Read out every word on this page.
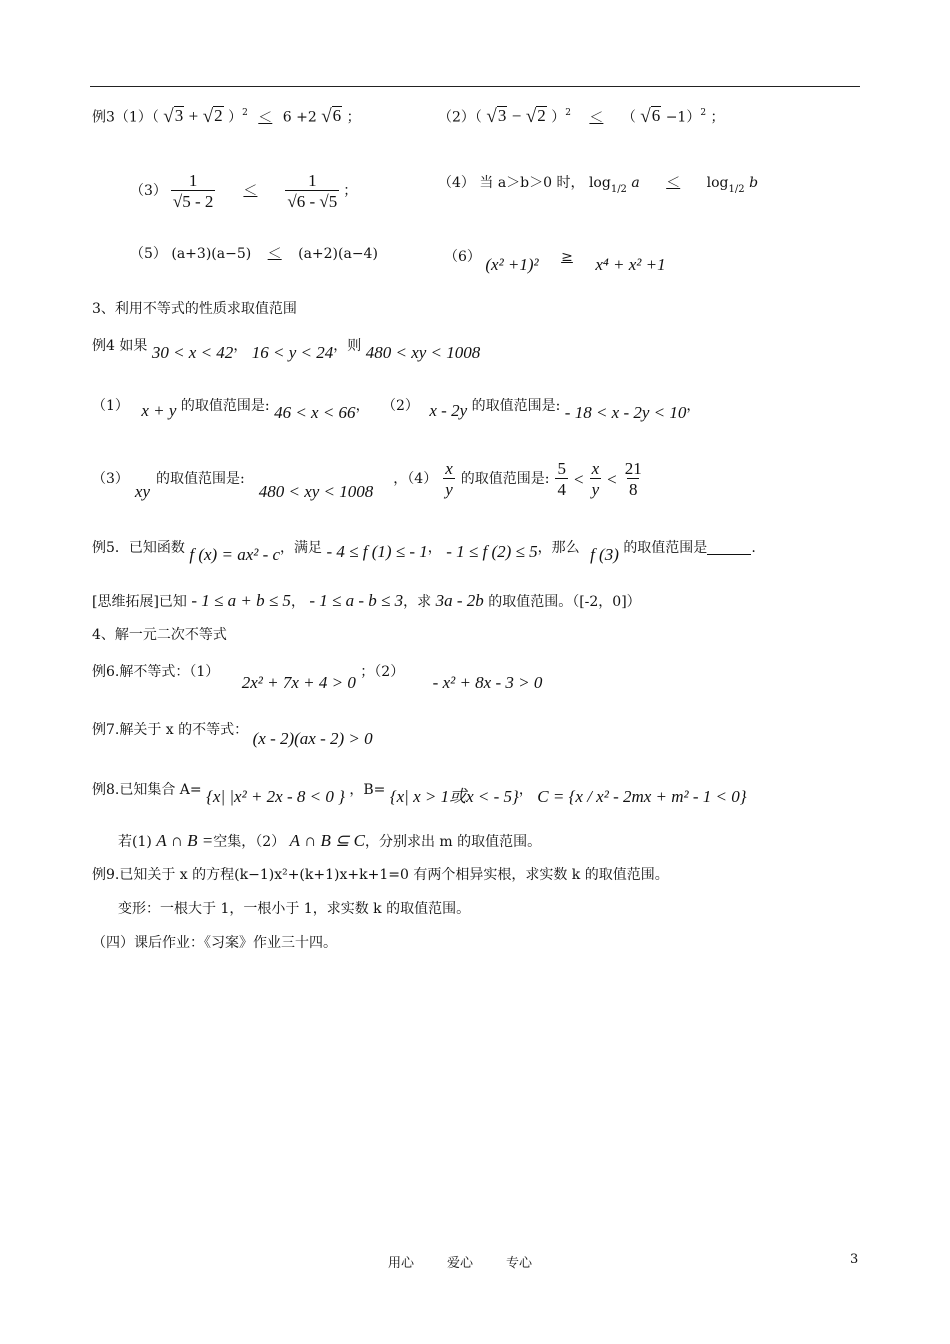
例3（1）（ √ 3 + √ 2 ）$^2$ ＜ 6 +2 √ 6 ；	（2）（ √ 3 − √ 2 ）$^2$ ＜ （ √ 6 −1）$^2$ ；
$(3) \frac{1}{√5 - 2}$	＜	$\frac{1}{√6 - √5}$ ；	（4） 当 a＞b＞0 时， $\log_{1/2} a < \log_{1/2} b$
（5） (a+3)(a−5) ＜ (a+2)(a−4)	（6） (x² +1)² ≥ x⁴ + x² +1
3、利用不等式的性质求取值范围
例4 如果 30 < x < 42， 16 < y < 24，则 480 < xy < 1008
（1） x + y 的取值范围是: 46 < x < 66， （2） x - 2y 的取值范围是: - 18 < x - 2y < 10，
（3）
xy
的取值范围是:
480 < xy < 1008
，$(4) \frac{x}{y}$ 的取值范围是: $\frac{5}{4} < \frac{x}{y} < \frac{21}{8}$
例5．已知函数 f (x) = ax² - c，满足 - 4 ≤ f (1) ≤ - 1， - 1 ≤ f (2) ≤ 5，那么 f (3) 的取值范围是	.
[思维拓展]已知 - 1 ≤ a + b ≤ 5， - 1 ≤ a - b ≤ 3，求 3a - 2b 的取值范围。（[-2，0]）
4、解一元二次不等式
例6.解不等式：（1） 2x² + 7x + 4 > 0 ；（2） - x² + 8x - 3 > 0
例7.解关于 x 的不等式： (x - 2)(ax - 2) > 0
例8.已知集合 A= {x| |x² + 2x - 8 < 0 } ，B= {x| x > 1或x < - 5}， C = {x / x² - 2mx + m² - 1 < 0}
若(1) A ∩ B =空集，（2） A ∩ B ⊆ C，分别求出 m 的取值范围。
例9.已知关于 x 的方程(k−1)x²+(k+1)x+k+1=0 有两个相异实根，求实数 k 的取值范围。
变形：一根大于 1，一根小于 1，求实数 k 的取值范围。
（四）课后作业：《习案》作业三十四。
用心	爱心	专心	3
